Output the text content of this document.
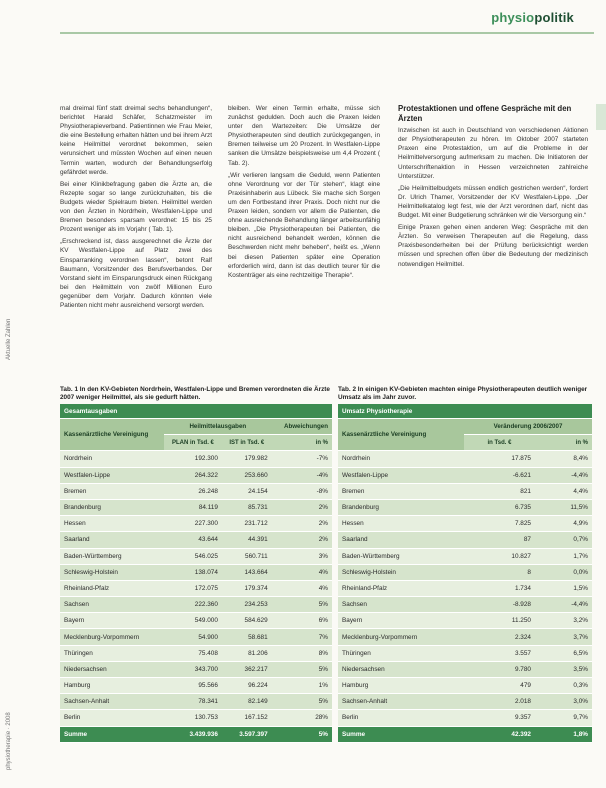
physiopolitik
Aktuelle Zahlen
physiotherapie · 2008

mal dreimal fünf statt dreimal sechs behandlungen“, berichtet Harald Schäfer, Schatzmeister im Physiotherapieverband. Patientinnen wie Frau Meier, die eine Bestellung erhalten hätten und bei ihrem Arzt keine Heilmittel verordnet bekommen, seien verunsichert und müssten Wochen auf einen neuen Termin warten, wodurch der Behandlungserfolg gefährdet werde.

Bei einer Klinikbefragung gaben die Ärzte an, die Rezepte sogar so lange zurückzuhalten, bis die Budgets wieder Spielraum bieten. Heilmittel werden von den Ärzten in Nordrhein, Westfalen-Lippe und Bremen besonders sparsam verordnet: 15 bis 25 Prozent weniger als im Vorjahr ( Tab. 1).

„Erschreckend ist, dass ausgerechnet die Ärzte der KV Westfalen-Lippe auf Platz zwei des Einsparranking verordnen lassen“, betont Ralf Baumann, Vorsitzender des Berufsverbandes. Der Vorstand sieht im Einsparungsdruck einen Rückgang bei den Heilmitteln von zwölf Millionen Euro gegenüber dem Vorjahr. Dadurch könnten viele Patienten nicht mehr ausreichend versorgt werden.

bleiben. Wer einen Termin erhalte, müsse sich zunächst gedulden. Doch auch die Praxen leiden unter den Wartezeiten: Die Umsätze der Physiotherapeuten sind deutlich zurückgegangen, in Bremen teilweise um 20 Prozent. In Westfalen-Lippe sanken die Umsätze beispielsweise um 4,4 Prozent ( Tab. 2).

„Wir verlieren langsam die Geduld, wenn Patienten ohne Verordnung vor der Tür stehen“, klagt eine Praxisinhaberin aus Lübeck. Sie mache sich Sorgen um den Fortbestand ihrer Praxis. Doch nicht nur die Praxen leiden, sondern vor allem die Patienten, die ohne ausreichende Behandlung länger arbeitsunfähig bleiben. „Die Physiotherapeuten bei Patienten, die nicht ausreichend behandelt werden, können die Beschwerden nicht mehr beheben“, heißt es. „Wenn bei diesen Patienten später eine Operation erforderlich wird, dann ist das deutlich teurer für die Kostenträger als eine rechtzeitige Therapie“.

Protestaktionen und offene Gespräche mit den Ärzten

Inzwischen ist auch in Deutschland von verschiedenen Aktionen der Physiotherapeuten zu hören. Im Oktober 2007 starteten Praxen eine Protestaktion, um auf die Probleme in der Heilmittelversorgung aufmerksam zu machen. Die Initiatoren der Unterschriftenaktion in Hessen verzeichneten zahlreiche Unterstützer.

„Die Heilmittelbudgets müssen endlich gestrichen werden“, fordert Dr. Ulrich Thamer, Vorsitzender der KV Westfalen-Lippe. „Der Heilmittelkatalog legt fest, wie der Arzt verordnen darf, nicht das Budget. Mit einer Budgetierung schränken wir die Versorgung ein.“

Einige Praxen gehen einen anderen Weg: Gespräche mit den Ärzten. So verweisen Therapeuten auf die Regelung, dass Praxisbesonderheiten bei der Prüfung berücksichtigt werden müssen und sprechen offen über die Bedeutung der medizinisch notwendigen Heilmittel.

Tab. 1 In den KV-Gebieten Nordrhein, Westfalen-Lippe und Bremen verordneten die Ärzte 2007 weniger Heilmittel, als sie gedurft hätten.
Tab. 2 In einigen KV-Gebieten machten einige Physiotherapeuten deutlich weniger Umsatz als im Jahr zuvor.
Gesamtausgaben			
Kassenärztliche Vereinigung	Heilmittelausgaben		Abweichungen
	PLAN in Tsd. €	IST in Tsd. €	in %
Nordrhein	192.300	179.982	-7%
Westfalen-Lippe	264.322	253.660	-4%
Bremen	26.248	24.154	-8%
Brandenburg	84.119	85.731	2%
Hessen	227.300	231.712	2%
Saarland	43.644	44.391	2%
Baden-Württemberg	546.025	560.711	3%
Schleswig-Holstein	138.074	143.664	4%
Rheinland-Pfalz	172.075	179.374	4%
Sachsen	222.360	234.253	5%
Bayern	549.000	584.629	6%
Mecklenburg-Vorpommern	54.900	58.681	7%
Thüringen	75.408	81.206	8%
Niedersachsen	343.700	362.217	5%
Hamburg	95.566	96.224	1%
Sachsen-Anhalt	78.341	82.149	5%
Berlin	130.753	167.152	28%
Summe	3.439.936	3.597.397	5%
Umsatz Physiotherapie		
Kassenärztliche Vereinigung	Veränderung 2006/2007	
	in Tsd. €	in %
Nordrhein	17.875	8,4%
Westfalen-Lippe	-6.621	-4,4%
Bremen	821	4,4%
Brandenburg	6.735	11,5%
Hessen	7.825	4,9%
Saarland	87	0,7%
Baden-Württemberg	10.827	1,7%
Schleswig-Holstein	8	0,0%
Rheinland-Pfalz	1.734	1,5%
Sachsen	-8.928	-4,4%
Bayern	11.250	3,2%
Mecklenburg-Vorpommern	2.324	3,7%
Thüringen	3.557	6,5%
Niedersachsen	9.780	3,5%
Hamburg	479	0,3%
Sachsen-Anhalt	2.018	3,0%
Berlin	9.357	9,7%
Summe	42.392	1,8%
